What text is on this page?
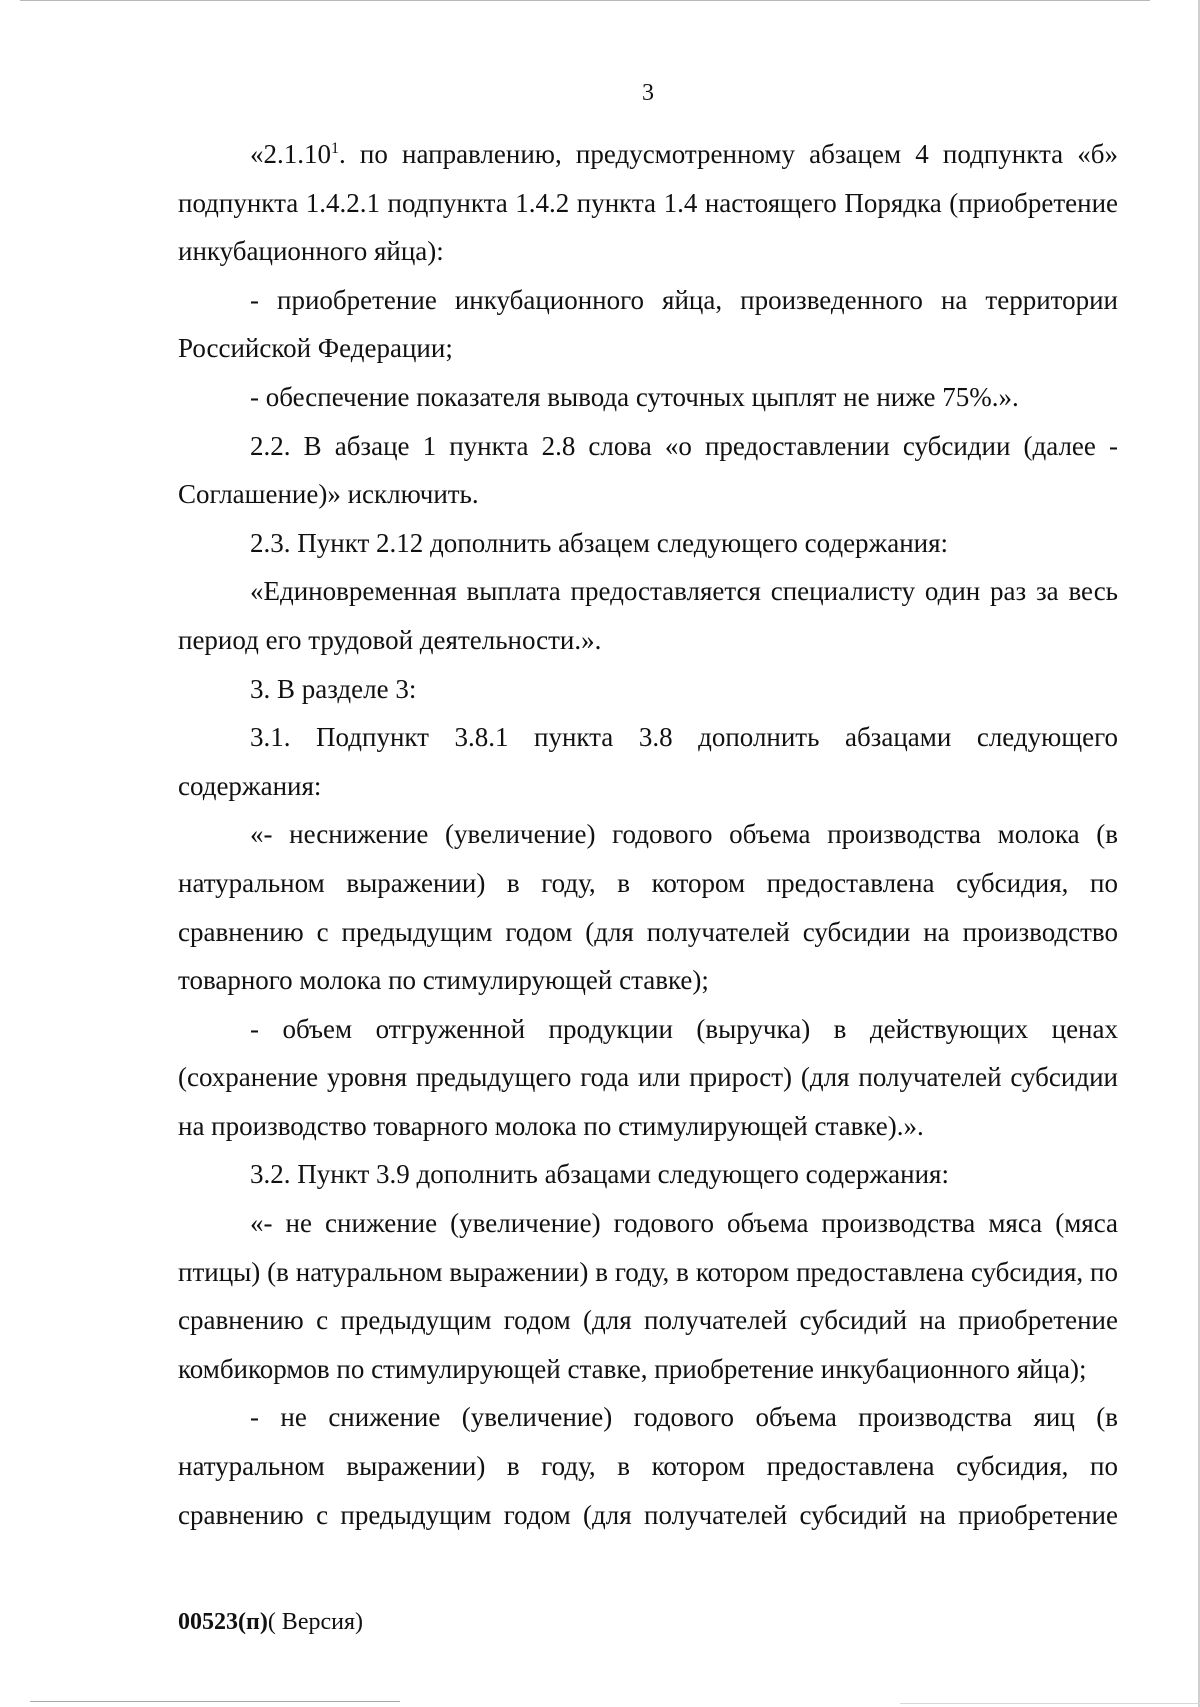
3

«2.1.10$^1$. по направлению, предусмотренному абзацем 4 подпункта «б» подпункта 1.4.2.1 подпункта 1.4.2 пункта 1.4 настоящего Порядка (приобретение инкубационного яйца):

- приобретение инкубационного яйца, произведенного на территории Российской Федерации;

- обеспечение показателя вывода суточных цыплят не ниже 75%.».

2.2. В абзаце 1 пункта 2.8 слова «о предоставлении субсидии (далее - Соглашение)» исключить.

2.3. Пункт 2.12 дополнить абзацем следующего содержания:

«Единовременная выплата предоставляется специалисту один раз за весь период его трудовой деятельности.».

3. В разделе 3:

3.1. Подпункт 3.8.1 пункта 3.8 дополнить абзацами следующего содержания:

«- неснижение (увеличение) годового объема производства молока (в натуральном выражении) в году, в котором предоставлена субсидия, по сравнению с предыдущим годом (для получателей субсидии на производство товарного молока по стимулирующей ставке);

- объем отгруженной продукции (выручка) в действующих ценах (сохранение уровня предыдущего года или прирост) (для получателей субсидии на производство товарного молока по стимулирующей ставке).».

3.2. Пункт 3.9 дополнить абзацами следующего содержания:

«- не снижение (увеличение) годового объема производства мяса (мяса птицы) (в натуральном выражении) в году, в котором предоставлена субсидия, по сравнению с предыдущим годом (для получателей субсидий на приобретение комбикормов по стимулирующей ставке, приобретение инкубационного яйца);

- не снижение (увеличение) годового объема производства яиц (в натуральном выражении) в году, в котором предоставлена субсидия, по сравнению с предыдущим годом (для получателей субсидий на приобретение

00523(п)( Версия)
